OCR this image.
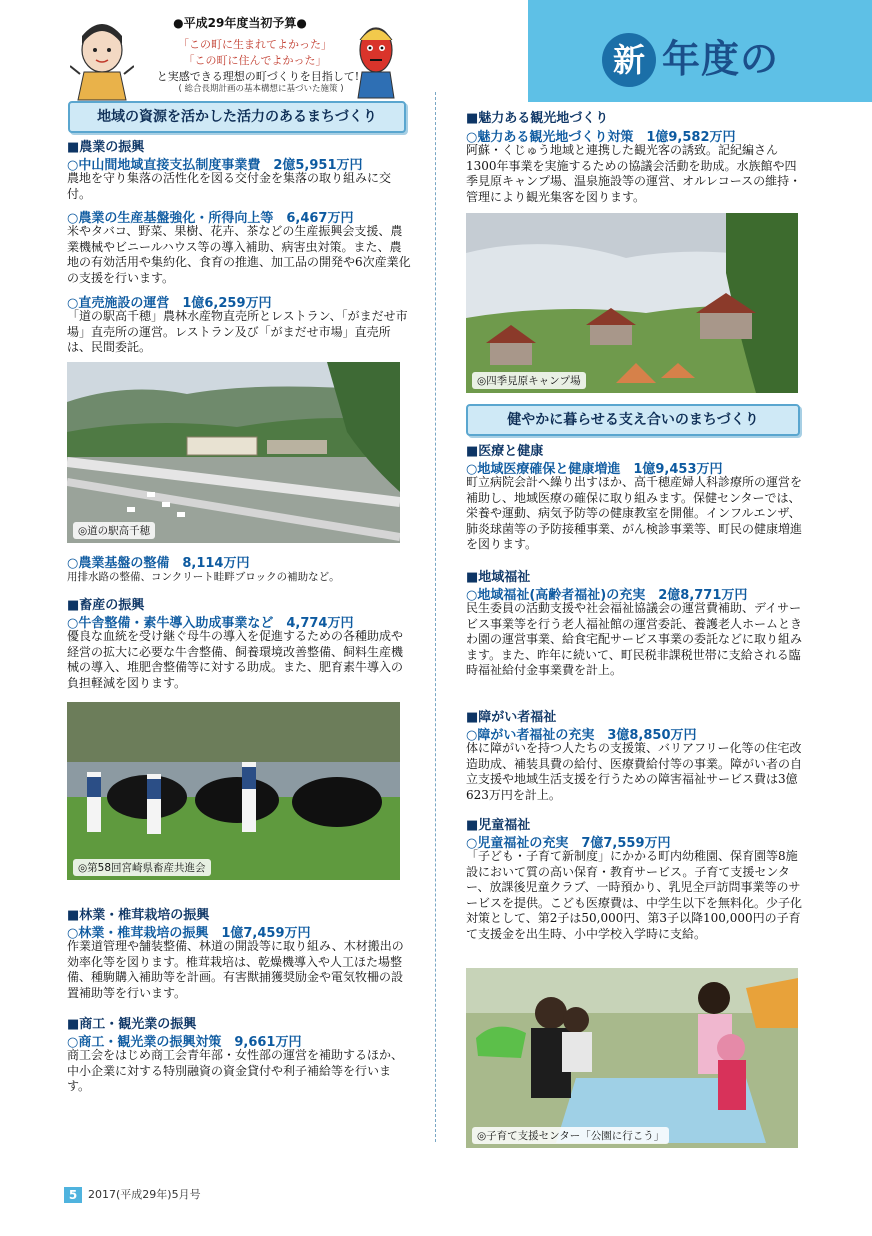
新 年度の
●平成29年度当初予算●
「この町に生まれてよかった」
「この町に住んでよかった」
と実感できる理想の町づくりを目指して!
( 総合長期計画の基本構想に基づいた施策 )
地域の資源を活かした活力のあるまちづくり
■農業の振興
○中山間地域直接支払制度事業費　2億5,951万円
農地を守り集落の活性化を図る交付金を集落の取り組みに交付。
○農業の生産基盤強化・所得向上等　6,467万円
米やタバコ、野菜、果樹、花卉、茶などの生産振興会支援、農業機械やビニールハウス等の導入補助、病害虫対策。また、農地の有効活用や集約化、食育の推進、加工品の開発や6次産業化の支援を行います。
○直売施設の運営　1億6,259万円
「道の駅高千穂」農林水産物直売所とレストラン、「がまだせ市場」直売所の運営。レストラン及び「がまだせ市場」直売所は、民間委託。
◎道の駅高千穂
○農業基盤の整備　8,114万円
用排水路の整備、コンクリート畦畔ブロックの補助など。
■畜産の振興
○牛舎整備・素牛導入助成事業など　4,774万円
優良な血統を受け継ぐ母牛の導入を促進するための各種助成や経営の拡大に必要な牛舎整備、飼養環境改善整備、飼料生産機械の導入、堆肥舎整備等に対する助成。また、肥育素牛導入の負担軽減を図ります。
◎第58回宮崎県畜産共進会
■林業・椎茸栽培の振興
○林業・椎茸栽培の振興　1億7,459万円
作業道管理や舗装整備、林道の開設等に取り組み、木材搬出の効率化等を図ります。椎茸栽培は、乾燥機導入や人工ほた場整備、種駒購入補助等を計画。有害獣捕獲奨励金や電気牧柵の設置補助等を行います。
■商工・観光業の振興
○商工・観光業の振興対策　9,661万円
商工会をはじめ商工会青年部・女性部の運営を補助するほか、中小企業に対する特別融資の資金貸付や利子補給等を行います。
■魅力ある観光地づくり
○魅力ある観光地づくり対策　1億9,582万円
阿蘇・くじゅう地域と連携した観光客の誘致。記紀編さん1300年事業を実施するための協議会活動を助成。水族館や四季見原キャンプ場、温泉施設等の運営、オルレコースの維持・管理により観光集客を図ります。
◎四季見原キャンプ場
健やかに暮らせる支え合いのまちづくり
■医療と健康
○地域医療確保と健康増進　1億9,453万円
町立病院会計へ繰り出すほか、高千穂産婦人科診療所の運営を補助し、地域医療の確保に取り組みます。保健センターでは、栄養や運動、病気予防等の健康教室を開催。インフルエンザ、肺炎球菌等の予防接種事業、がん検診事業等、町民の健康増進を図ります。
■地域福祉
○地域福祉(高齢者福祉)の充実　2億8,771万円
民生委員の活動支援や社会福祉協議会の運営費補助、デイサービス事業等を行う老人福祉館の運営委託、養護老人ホームときわ園の運営事業、給食宅配サービス事業の委託などに取り組みます。また、昨年に続いて、町民税非課税世帯に支給される臨時福祉給付金事業費を計上。
■障がい者福祉
○障がい者福祉の充実　3億8,850万円
体に障がいを持つ人たちの支援策、バリアフリー化等の住宅改造助成、補装具費の給付、医療費給付等の事業。障がい者の自立支援や地域生活支援を行うための障害福祉サービス費は3億623万円を計上。
■児童福祉
○児童福祉の充実　7億7,559万円
「子ども・子育て新制度」にかかる町内幼稚園、保育園等8施設において質の高い保育・教育サービス。子育て支援センター、放課後児童クラブ、一時預かり、乳児全戸訪問事業等のサービスを提供。こども医療費は、中学生以下を無料化。少子化対策として、第2子は50,000円、第3子以降100,000円の子育て支援金を出生時、小中学校入学時に支給。
◎子育て支援センター「公園に行こう」
5 2017(平成29年)5月号
